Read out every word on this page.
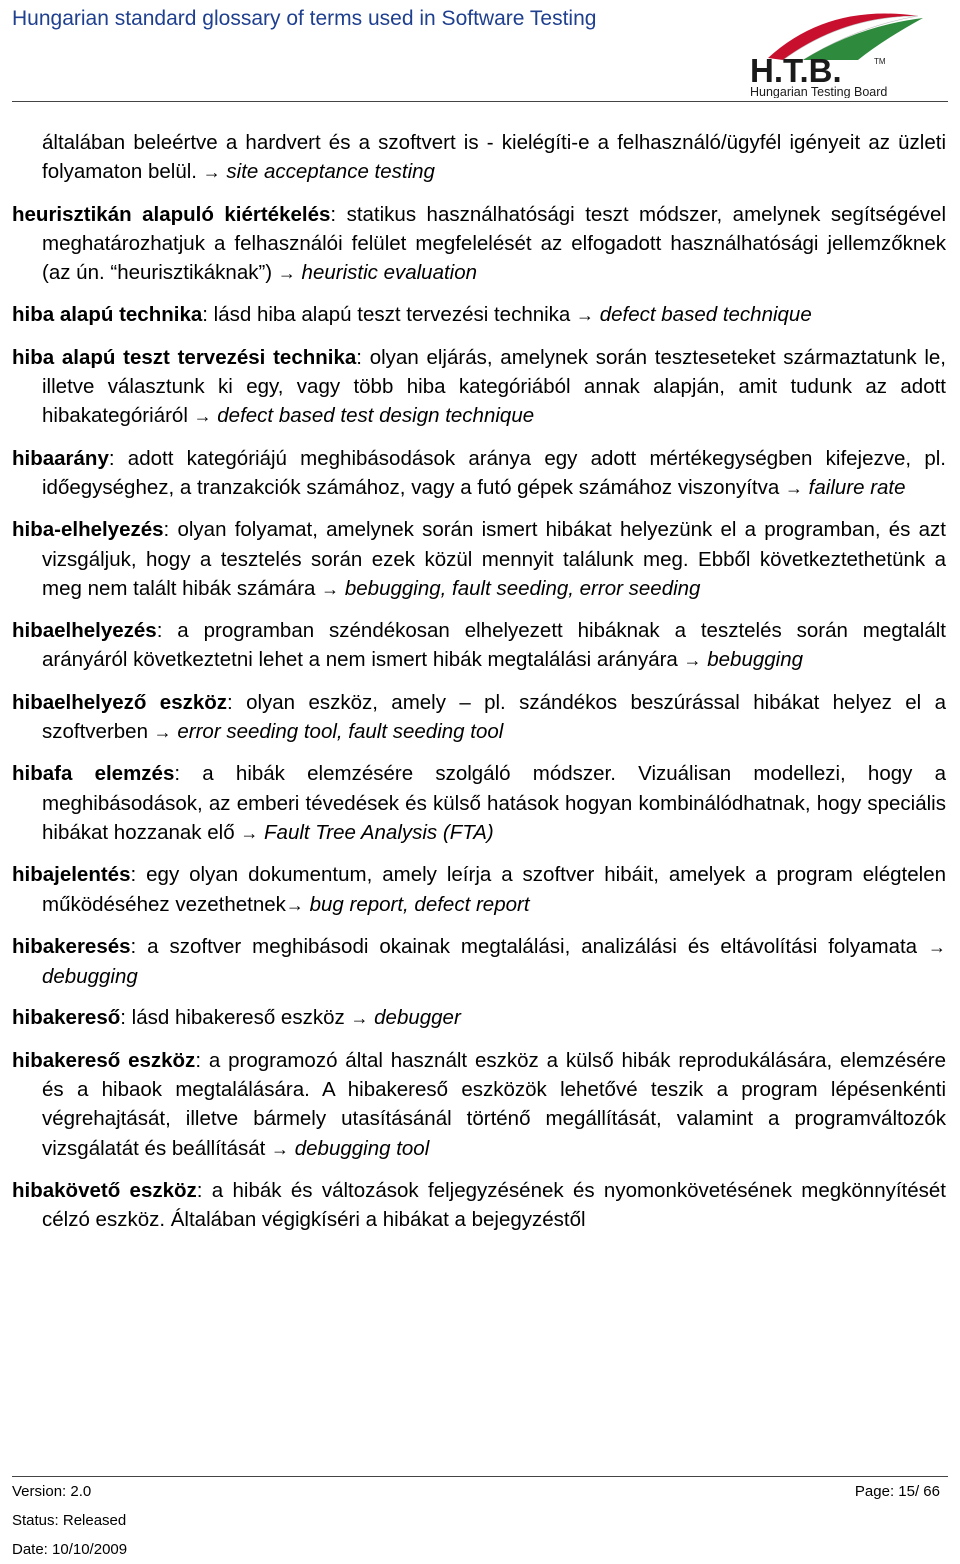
Hungarian standard glossary of terms used in Software Testing
H.T.B.	TM
Hungarian Testing Board
általában beleértve a hardvert és a szoftvert is - kielégíti-e a felhasználó/ügyfél igényeit az üzleti folyamaton belül. → site acceptance testing
heurisztikán alapuló kiértékelés: statikus használhatósági teszt módszer, amelynek segítségével meghatározhatjuk a felhasználói felület megfelelését az elfogadott használhatósági jellemzőknek (az ún. “heurisztikáknak”) → heuristic evaluation
hiba alapú technika: lásd hiba alapú teszt tervezési technika → defect based technique
hiba alapú teszt tervezési technika: olyan eljárás, amelynek során teszteseteket származtatunk le, illetve választunk ki egy, vagy több hiba kategóriából annak alapján, amit tudunk az adott hibakategóriáról → defect based test design technique
hibaarány: adott kategóriájú meghibásodások aránya egy adott mértékegységben kifejezve, pl. időegységhez, a tranzakciók számához, vagy a futó gépek számához viszonyítva → failure rate
hiba-elhelyezés: olyan folyamat, amelynek során ismert hibákat helyezünk el a programban, és azt vizsgáljuk, hogy a tesztelés során ezek közül mennyit találunk meg. Ebből következtethetünk a meg nem talált hibák számára → bebugging, fault seeding, error seeding
hibaelhelyezés: a programban széndékosan elhelyezett hibáknak a tesztelés során megtalált arányáról következtetni lehet a nem ismert hibák megtalálási arányára → bebugging
hibaelhelyező eszköz: olyan eszköz, amely – pl. szándékos beszúrással hibákat helyez el a szoftverben → error seeding tool, fault seeding tool
hibafa elemzés: a hibák elemzésére szolgáló módszer. Vizuálisan modellezi, hogy a meghibásodások, az emberi tévedések és külső hatások hogyan kombinálódhatnak, hogy speciális hibákat hozzanak elő → Fault Tree Analysis (FTA)
hibajelentés: egy olyan dokumentum, amely leírja a szoftver hibáit, amelyek a program elégtelen működéséhez vezethetnek→ bug report, defect report
hibakeresés: a szoftver meghibásodi okainak megtalálási, analizálási és eltávolítási folyamata → debugging
hibakereső: lásd hibakereső eszköz → debugger
hibakereső eszköz: a programozó által használt eszköz a külső hibák reprodukálására, elemzésére és a hibaok megtalálására. A hibakereső eszközök lehetővé teszik a program lépésenkénti végrehajtását, illetve bármely utasításánál történő megállítását, valamint a programváltozók vizsgálatát és beállítását → debugging tool
hibakövető eszköz: a hibák és változások feljegyzésének és nyomonkövetésének megkönnyítését célzó eszköz. Általában végigkíséri a hibákat a bejegyzéstől
Version: 2.0	Page: 15/ 66
Status: Released
Date: 10/10/2009
